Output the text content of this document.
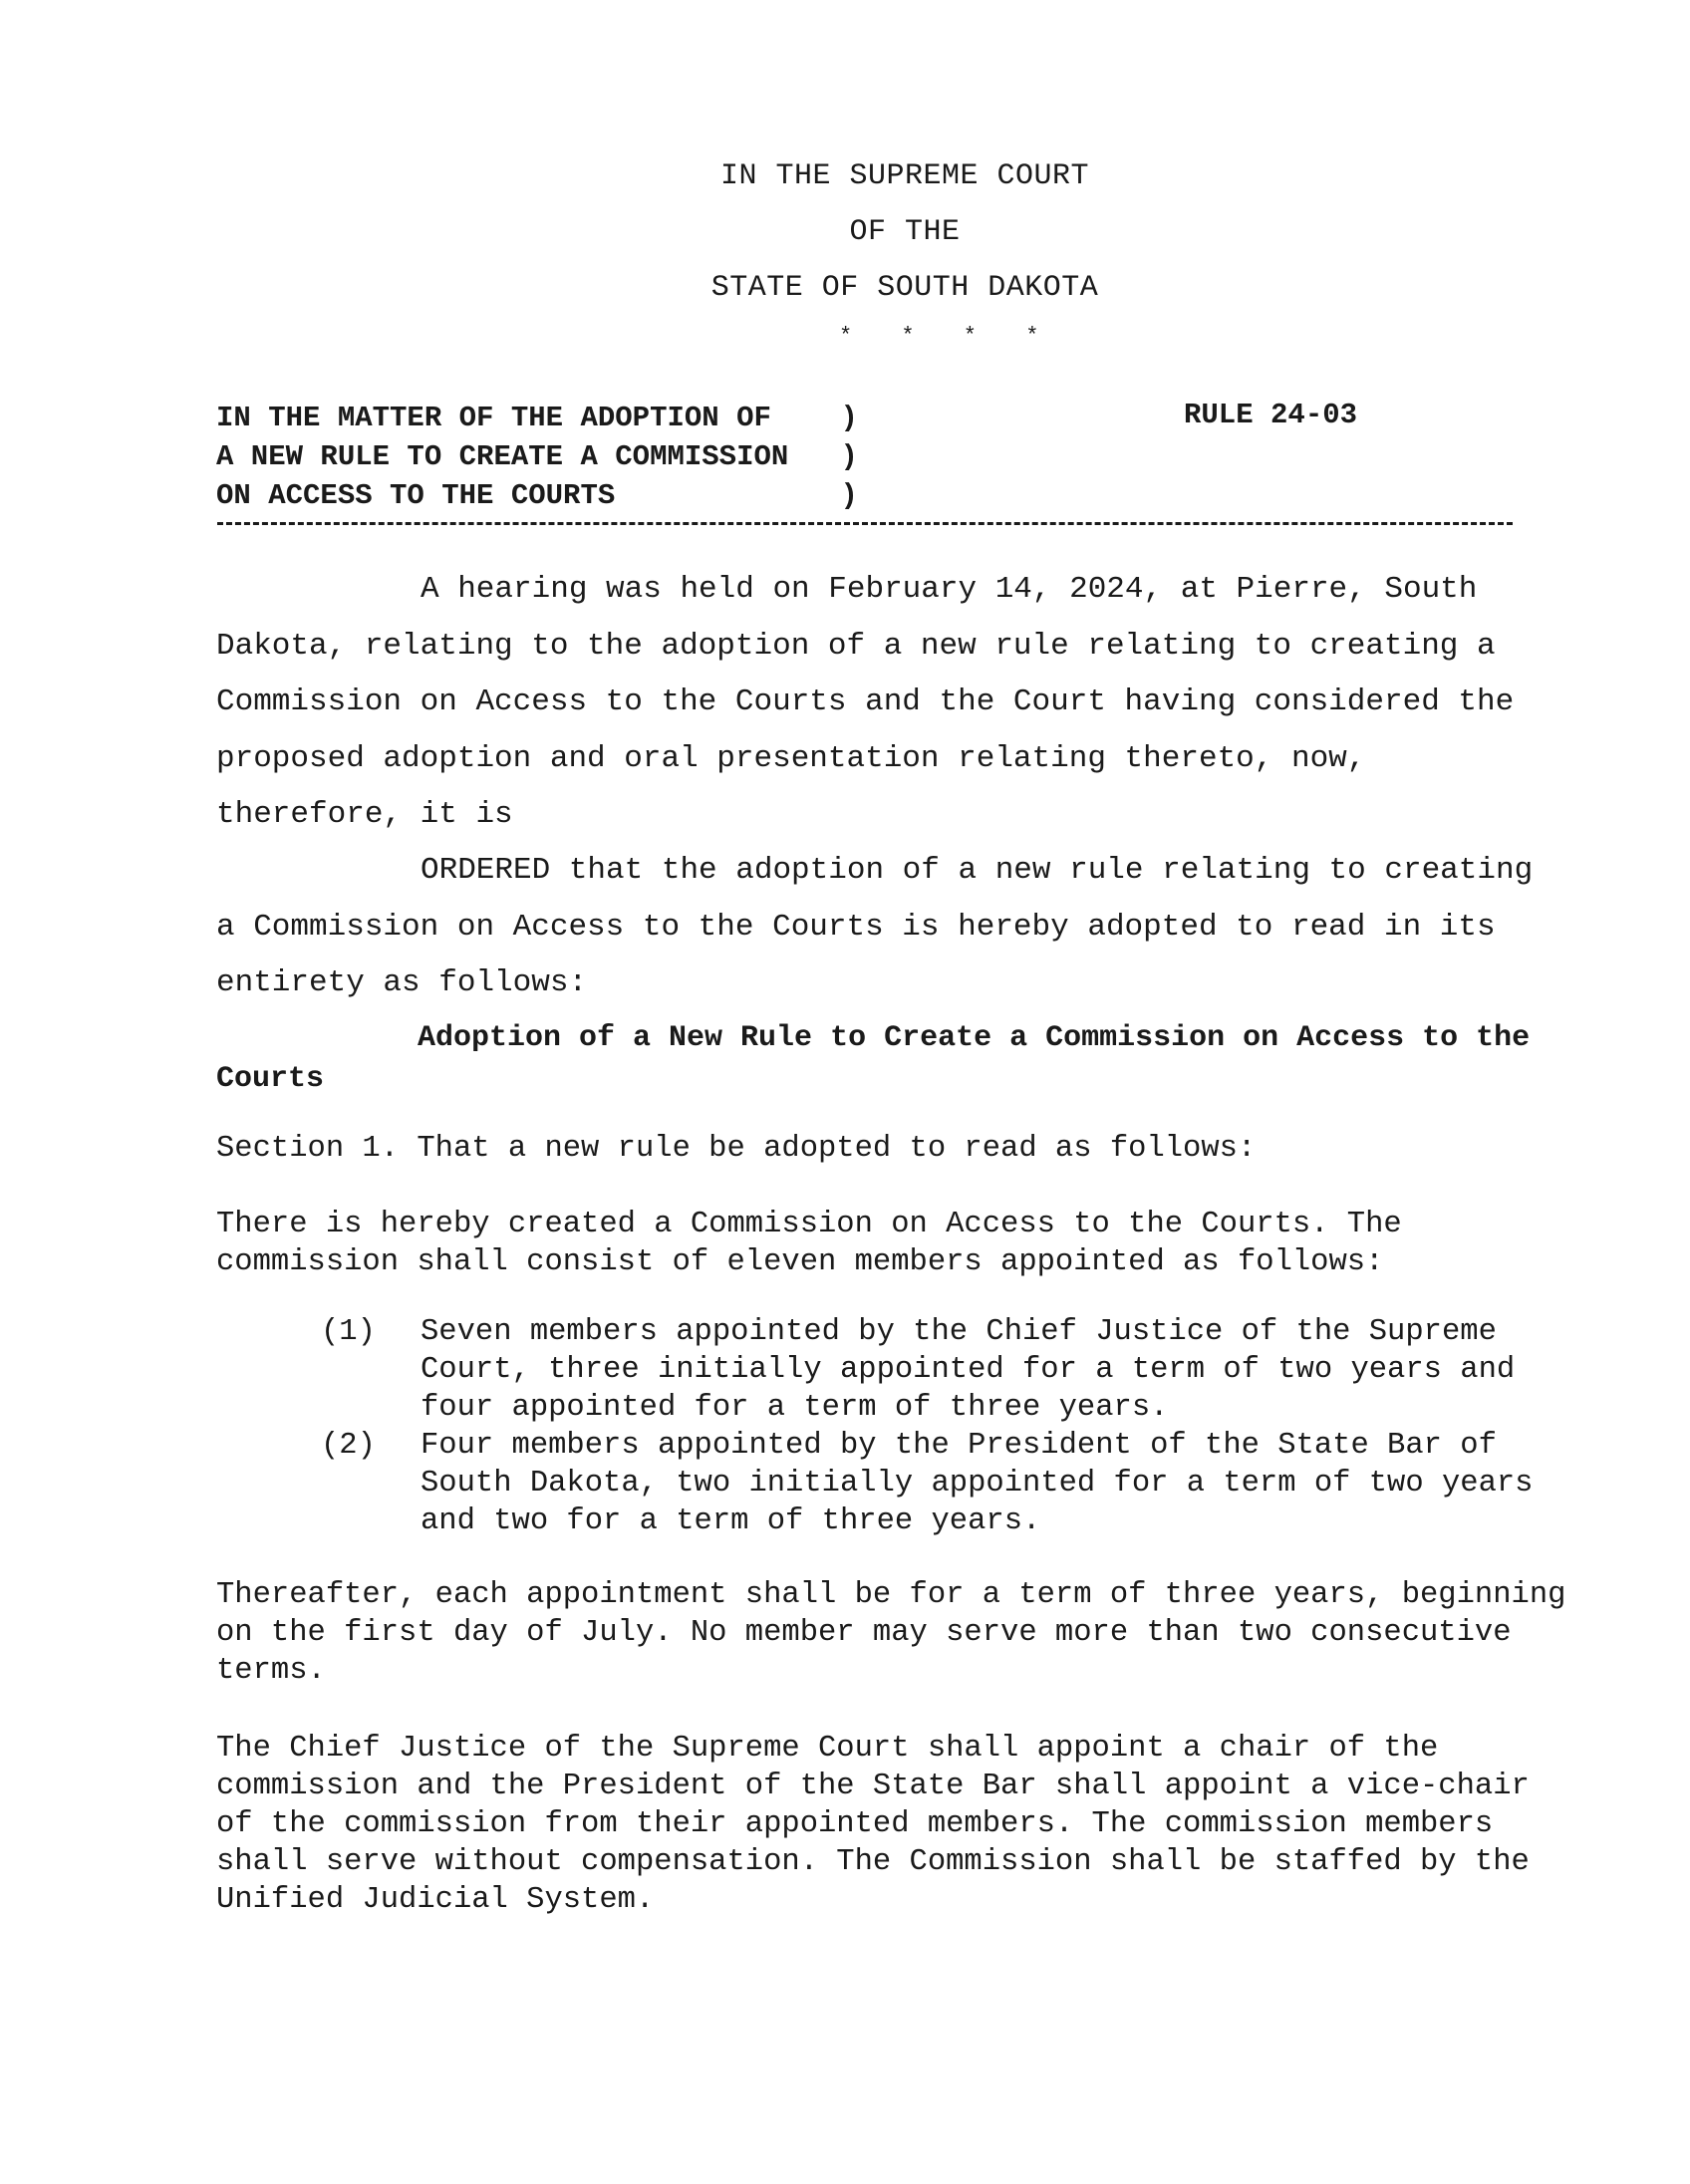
IN THE SUPREME COURT
OF THE
STATE OF SOUTH DAKOTA
* * * *
IN THE MATTER OF THE ADOPTION OF    )
A NEW RULE TO CREATE A COMMISSION   )
ON ACCESS TO THE COURTS             )
RULE 24-03

A hearing was held on February 14, 2024, at Pierre, South Dakota, relating to the adoption of a new rule relating to creating a Commission on Access to the Courts and the Court having considered the proposed adoption and oral presentation relating thereto, now, therefore, it is

ORDERED that the adoption of a new rule relating to creating a Commission on Access to the Courts is hereby adopted to read in its entirety as follows:

Adoption of a New Rule to Create a Commission on Access to the Courts

Section 1. That a new rule be adopted to read as follows:

There is hereby created a Commission on Access to the Courts. The commission shall consist of eleven members appointed as follows:

(1) Seven members appointed by the Chief Justice of the Supreme Court, three initially appointed for a term of two years and four appointed for a term of three years.
(2) Four members appointed by the President of the State Bar of South Dakota, two initially appointed for a term of two years and two for a term of three years.

Thereafter, each appointment shall be for a term of three years, beginning on the first day of July. No member may serve more than two consecutive terms.

The Chief Justice of the Supreme Court shall appoint a chair of the commission and the President of the State Bar shall appoint a vice-chair of the commission from their appointed members. The commission members shall serve without compensation. The Commission shall be staffed by the Unified Judicial System.
